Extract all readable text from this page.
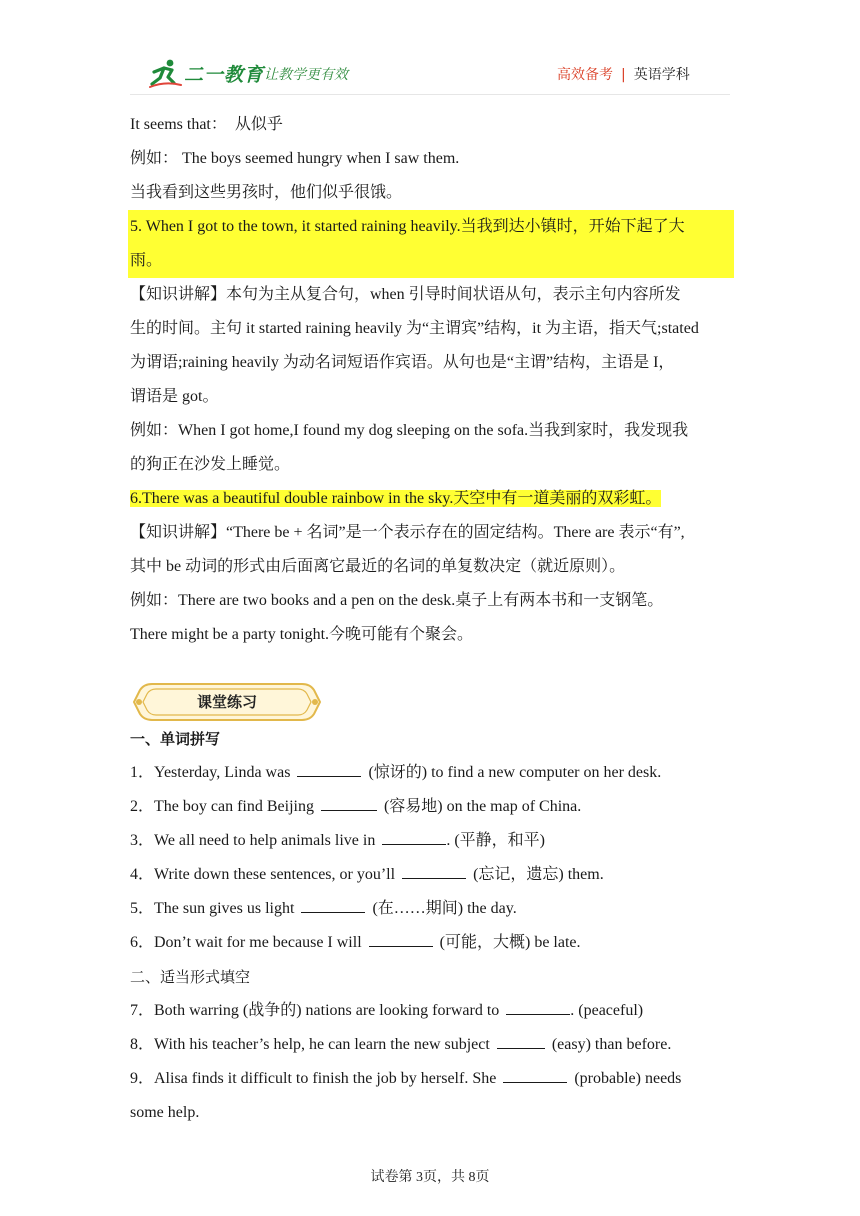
二一教育 让教学更有效	高效备考 | 英语学科
It seems that：　从似乎
例如： The boys seemed hungry when I saw them.
当我看到这些男孩时，他们似乎很饿。
5. When I got to the town, it started raining heavily.当我到达小镇时，开始下起了大
雨。
【知识讲解】本句为主从复合句，when 引导时间状语从句，表示主句内容所发
生的时间。主句 it started raining heavily 为“主谓宾”结构，it 为主语，指天气;stated
为谓语;raining heavily 为动名词短语作宾语。从句也是“主谓”结构，主语是 I，
谓语是 got。
例如：When I got home,I found my dog sleeping on the sofa.当我到家时，我发现我
的狗正在沙发上睡觉。
6.There was a beautiful double rainbow in the sky.天空中有一道美丽的双彩虹。
【知识讲解】“There be + 名词”是一个表示存在的固定结构。There are 表示“有”,
其中 be 动词的形式由后面离它最近的名词的单复数决定（就近原则）。
例如：There are two books and a pen on the desk.桌子上有两本书和一支钢笔。
There might be a party tonight.今晚可能有个聚会。
课堂练习
一、单词拼写
1．Yesterday, Linda was	(惊讶的) to find a new computer on her desk.
2．The boy can find Beijing	(容易地) on the map of China.
3．We all need to help animals live in	. (平静，和平)
4．Write down these sentences, or you’ll	(忘记，遗忘) them.
5．The sun gives us light	(在……期间) the day.
6．Don’t wait for me because I will	(可能，大概) be late.
二、适当形式填空
7．Both warring (战争的) nations are looking forward to	. (peaceful)
8．With his teacher’s help, he can learn the new subject	(easy) than before.
9．Alisa finds it difficult to finish the job by herself. She	(probable) needs
some help.
试卷第 3页，共 8页
